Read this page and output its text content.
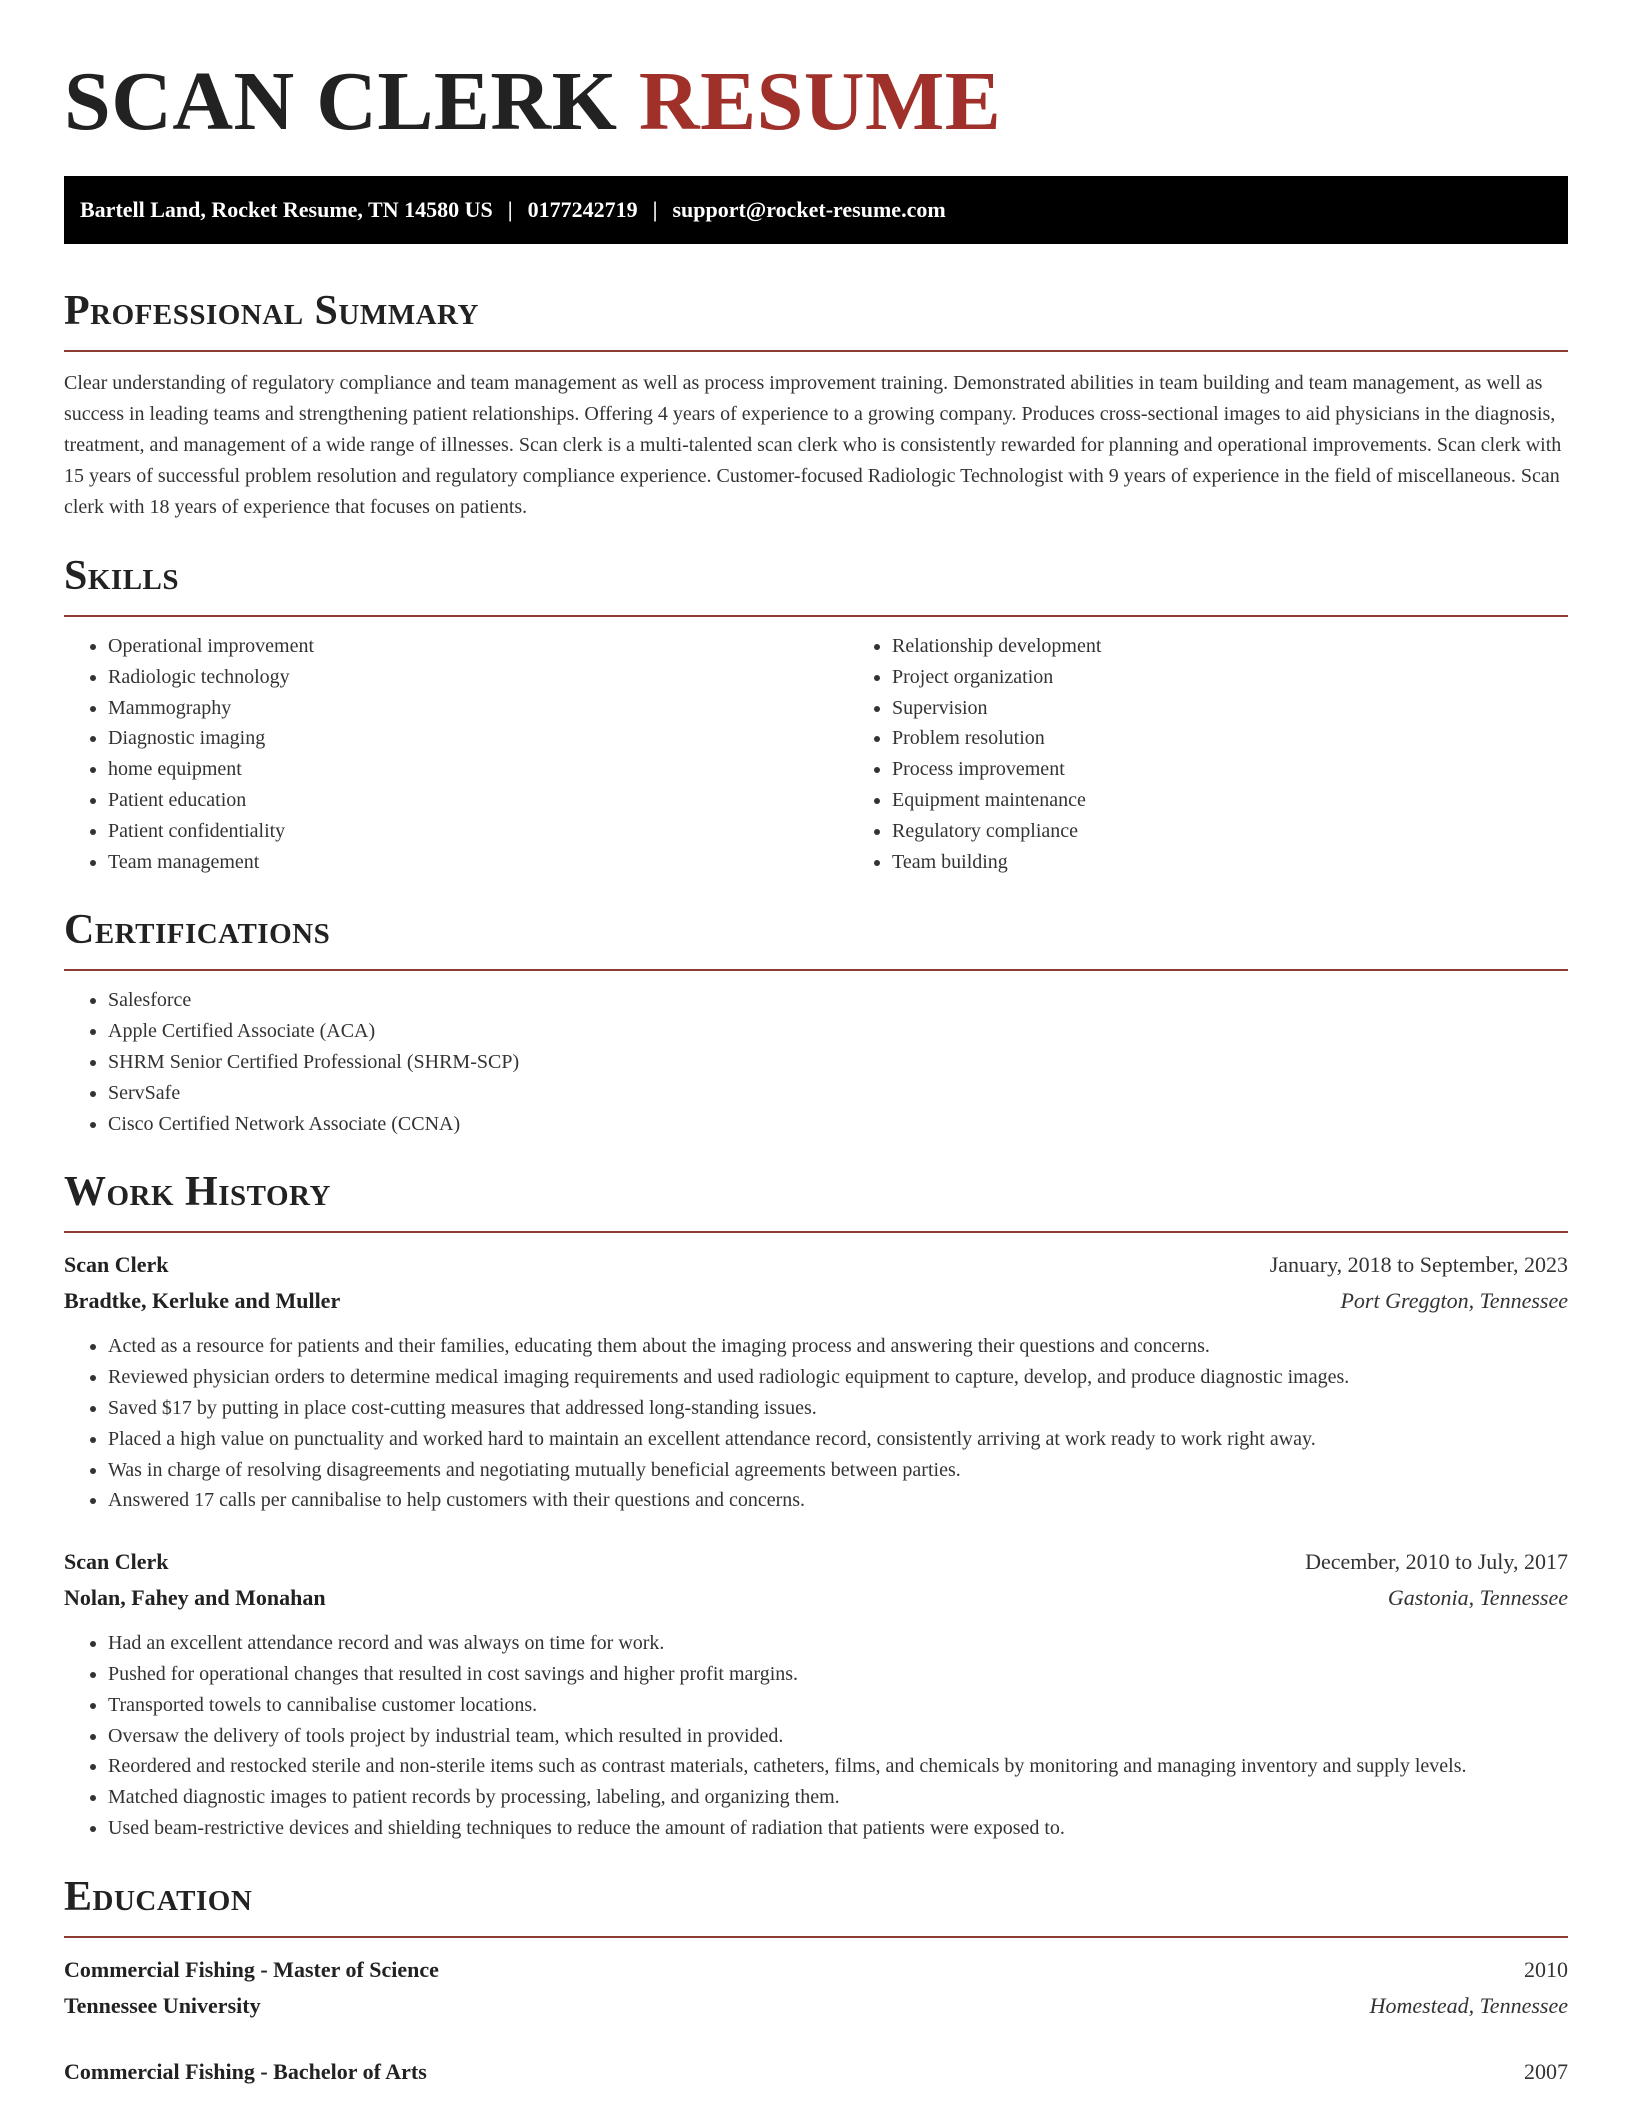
SCAN CLERK RESUME
Bartell Land, Rocket Resume, TN 14580 US | 0177242719 | support@rocket-resume.com
Professional Summary

Clear understanding of regulatory compliance and team management as well as process improvement training. Demonstrated abilities in team building and team management, as well as success in leading teams and strengthening patient relationships. Offering 4 years of experience to a growing company. Produces cross-sectional images to aid physicians in the diagnosis, treatment, and management of a wide range of illnesses. Scan clerk is a multi-talented scan clerk who is consistently rewarded for planning and operational improvements. Scan clerk with 15 years of successful problem resolution and regulatory compliance experience. Customer-focused Radiologic Technologist with 9 years of experience in the field of miscellaneous. Scan clerk with 18 years of experience that focuses on patients.

Skills
• Operational improvement
• Radiologic technology
• Mammography
• Diagnostic imaging
• home equipment
• Patient education
• Patient confidentiality
• Team management
• Relationship development
• Project organization
• Supervision
• Problem resolution
• Process improvement
• Equipment maintenance
• Regulatory compliance
• Team building
Certifications
• Salesforce
• Apple Certified Associate (ACA)
• SHRM Senior Certified Professional (SHRM-SCP)
• ServSafe
• Cisco Certified Network Associate (CCNA)
Work History
Scan Clerk	January, 2018 to September, 2023
Bradtke, Kerluke and Muller	Port Greggton, Tennessee
• Acted as a resource for patients and their families, educating them about the imaging process and answering their questions and concerns.
• Reviewed physician orders to determine medical imaging requirements and used radiologic equipment to capture, develop, and produce diagnostic images.
• Saved $17 by putting in place cost-cutting measures that addressed long-standing issues.
• Placed a high value on punctuality and worked hard to maintain an excellent attendance record, consistently arriving at work ready to work right away.
• Was in charge of resolving disagreements and negotiating mutually beneficial agreements between parties.
• Answered 17 calls per cannibalise to help customers with their questions and concerns.
Scan Clerk	December, 2010 to July, 2017
Nolan, Fahey and Monahan	Gastonia, Tennessee
• Had an excellent attendance record and was always on time for work.
• Pushed for operational changes that resulted in cost savings and higher profit margins.
• Transported towels to cannibalise customer locations.
• Oversaw the delivery of tools project by industrial team, which resulted in provided.
• Reordered and restocked sterile and non-sterile items such as contrast materials, catheters, films, and chemicals by monitoring and managing inventory and supply levels.
• Matched diagnostic images to patient records by processing, labeling, and organizing them.
• Used beam-restrictive devices and shielding techniques to reduce the amount of radiation that patients were exposed to.
Education
Commercial Fishing - Master of Science	2010
Tennessee University	Homestead, Tennessee
Commercial Fishing - Bachelor of Arts	2007
